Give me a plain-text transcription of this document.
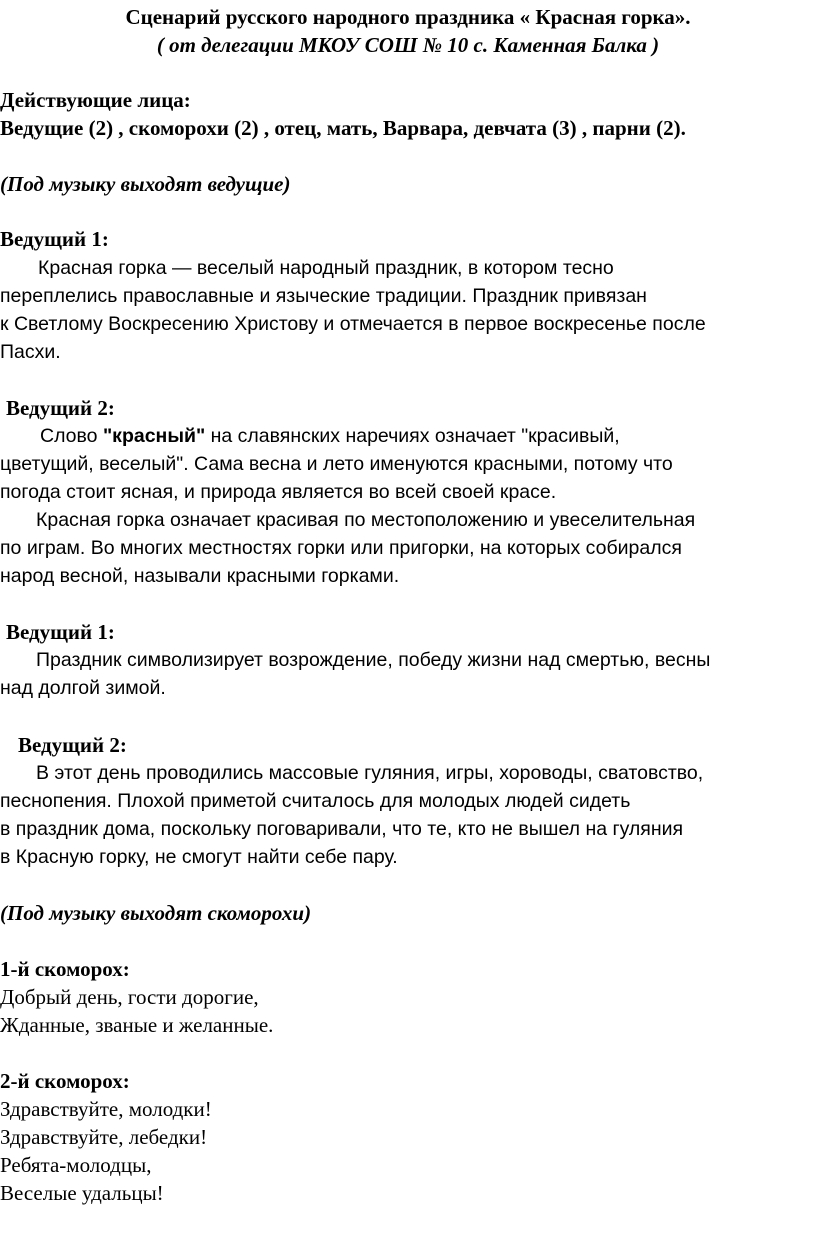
Сценарий русского народного праздника « Красная горка».
( от делегации МКОУ СОШ № 10 с. Каменная Балка )
Действующие лица:
Ведущие (2) , скоморохи (2) , отец, мать, Варвара, девчата (3) , парни (2).
(Под музыку выходят ведущие)
Ведущий 1:
Красная горка — веселый народный праздник, в котором тесно
переплелись православные и языческие традиции. Праздник привязан
к Светлому Воскресению Христову и отмечается в первое воскресенье после
Пасхи.
Ведущий 2:
Слово "красный" на славянских наречиях означает "красивый,
цветущий, веселый". Сама весна и лето именуются красными, потому что
погода стоит ясная, и природа является во всей своей красе.
Красная горка означает красивая по местоположению и увеселительная
по играм. Во многих местностях горки или пригорки, на которых собирался
народ весной, называли красными горками.
Ведущий 1:
Праздник символизирует возрождение, победу жизни над смертью, весны
над долгой зимой.
Ведущий 2:
В этот день проводились массовые гуляния, игры, хороводы, сватовство,
песнопения. Плохой приметой считалось для молодых людей сидеть
в праздник дома, поскольку поговаривали, что те, кто не вышел на гуляния
в Красную горку, не смогут найти себе пару.
(Под музыку выходят скоморохи)
1-й скоморох:
Добрый день, гости дорогие,
Жданные, званые и желанные.
2-й скоморох:
Здравствуйте, молодки!
Здравствуйте, лебедки!
Ребята-молодцы,
Веселые удальцы!
